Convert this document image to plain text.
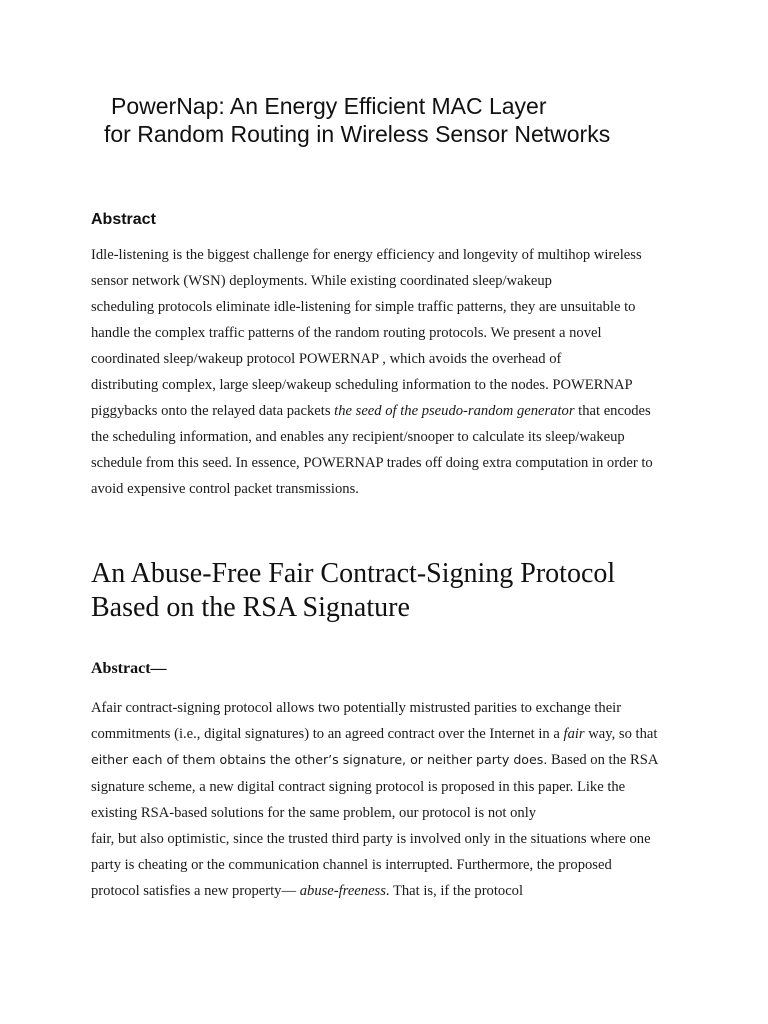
PowerNap: An Energy Efficient MAC Layer
for Random Routing in Wireless Sensor Networks
Abstract
Idle-listening is the biggest challenge for energy efficiency and longevity of multihop wireless
sensor network (WSN) deployments. While existing coordinated sleep/wakeup
scheduling protocols eliminate idle-listening for simple traffic patterns, they are unsuitable to
handle the complex traffic patterns of the random routing protocols. We present a novel
coordinated sleep/wakeup protocol POWERNAP , which avoids the overhead of
distributing complex, large sleep/wakeup scheduling information to the nodes. POWERNAP
piggybacks onto the relayed data packets the seed of the pseudo-random generator that encodes
the scheduling information, and enables any recipient/snooper to calculate its sleep/wakeup
schedule from this seed. In essence, POWERNAP trades off doing extra computation in order to
avoid expensive control packet transmissions.
An Abuse-Free Fair Contract-Signing Protocol
Based on the RSA Signature
Abstract—
Afair contract-signing protocol allows two potentially mistrusted parities to exchange their
commitments (i.e., digital signatures) to an agreed contract over the Internet in a fair way, so that
either each of them obtains the other’s signature, or neither party does. Based on the RSA
signature scheme, a new digital contract signing protocol is proposed in this paper. Like the
existing RSA-based solutions for the same problem, our protocol is not only
fair, but also optimistic, since the trusted third party is involved only in the situations where one
party is cheating or the communication channel is interrupted. Furthermore, the proposed
protocol satisfies a new property— abuse-freeness. That is, if the protocol
